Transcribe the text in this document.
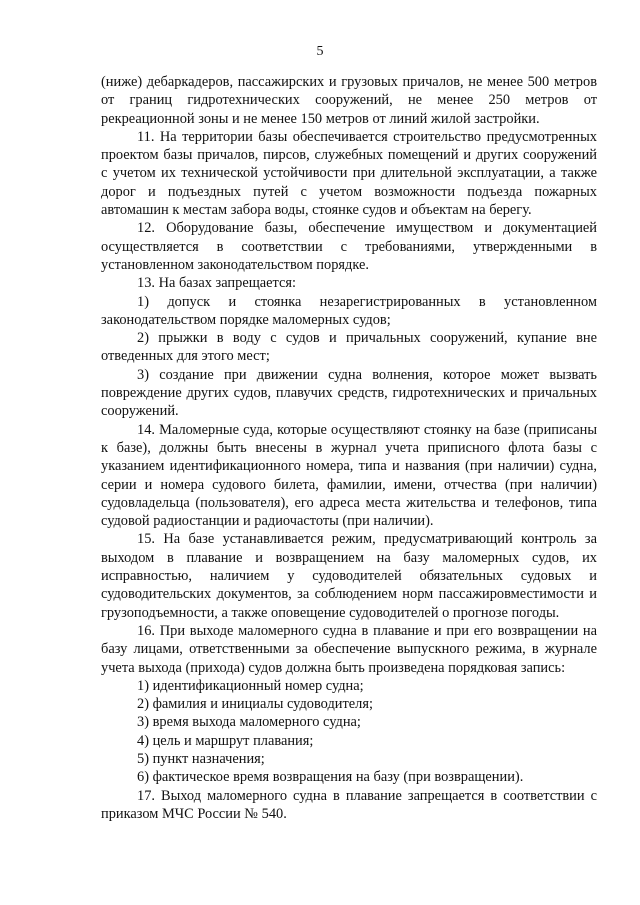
5

(ниже) дебаркадеров, пассажирских и грузовых причалов, не менее 500 метров от границ гидротехнических сооружений, не менее 250 метров от рекреационной зоны и не менее 150 метров от линий жилой застройки.

11. На территории базы обеспечивается строительство предусмотренных проектом базы причалов, пирсов, служебных помещений и других сооружений с учетом их технической устойчивости при длительной эксплуатации, а также дорог и подъездных путей с учетом возможности подъезда пожарных автомашин к местам забора воды, стоянке судов и объектам на берегу.

12. Оборудование базы, обеспечение имуществом и документацией осуществляется в соответствии с требованиями, утвержденными в установленном законодательством порядке.

13. На базах запрещается:

1) допуск и стоянка незарегистрированных в установленном законодательством порядке маломерных судов;

2) прыжки в воду с судов и причальных сооружений, купание вне отведенных для этого мест;

3) создание при движении судна волнения, которое может вызвать повреждение других судов, плавучих средств, гидротехнических и причальных сооружений.

14. Маломерные суда, которые осуществляют стоянку на базе (приписаны к базе), должны быть внесены в журнал учета приписного флота базы с указанием идентификационного номера, типа и названия (при наличии) судна, серии и номера судового билета, фамилии, имени, отчества (при наличии) судовладельца (пользователя), его адреса места жительства и телефонов, типа судовой радиостанции и радиочастоты (при наличии).

15. На базе устанавливается режим, предусматривающий контроль за выходом в плавание и возвращением на базу маломерных судов, их исправностью, наличием у судоводителей обязательных судовых и судоводительских документов, за соблюдением норм пассажировместимости и грузоподъемности, а также оповещение судоводителей о прогнозе погоды.

16. При выходе маломерного судна в плавание и при его возвращении на базу лицами, ответственными за обеспечение выпускного режима, в журнале учета выхода (прихода) судов должна быть произведена порядковая запись:

1) идентификационный номер судна;

2) фамилия и инициалы судоводителя;

3) время выхода маломерного судна;

4) цель и маршрут плавания;

5) пункт назначения;

6) фактическое время возвращения на базу (при возвращении).

17. Выход маломерного судна в плавание запрещается в соответствии с приказом МЧС России № 540.
